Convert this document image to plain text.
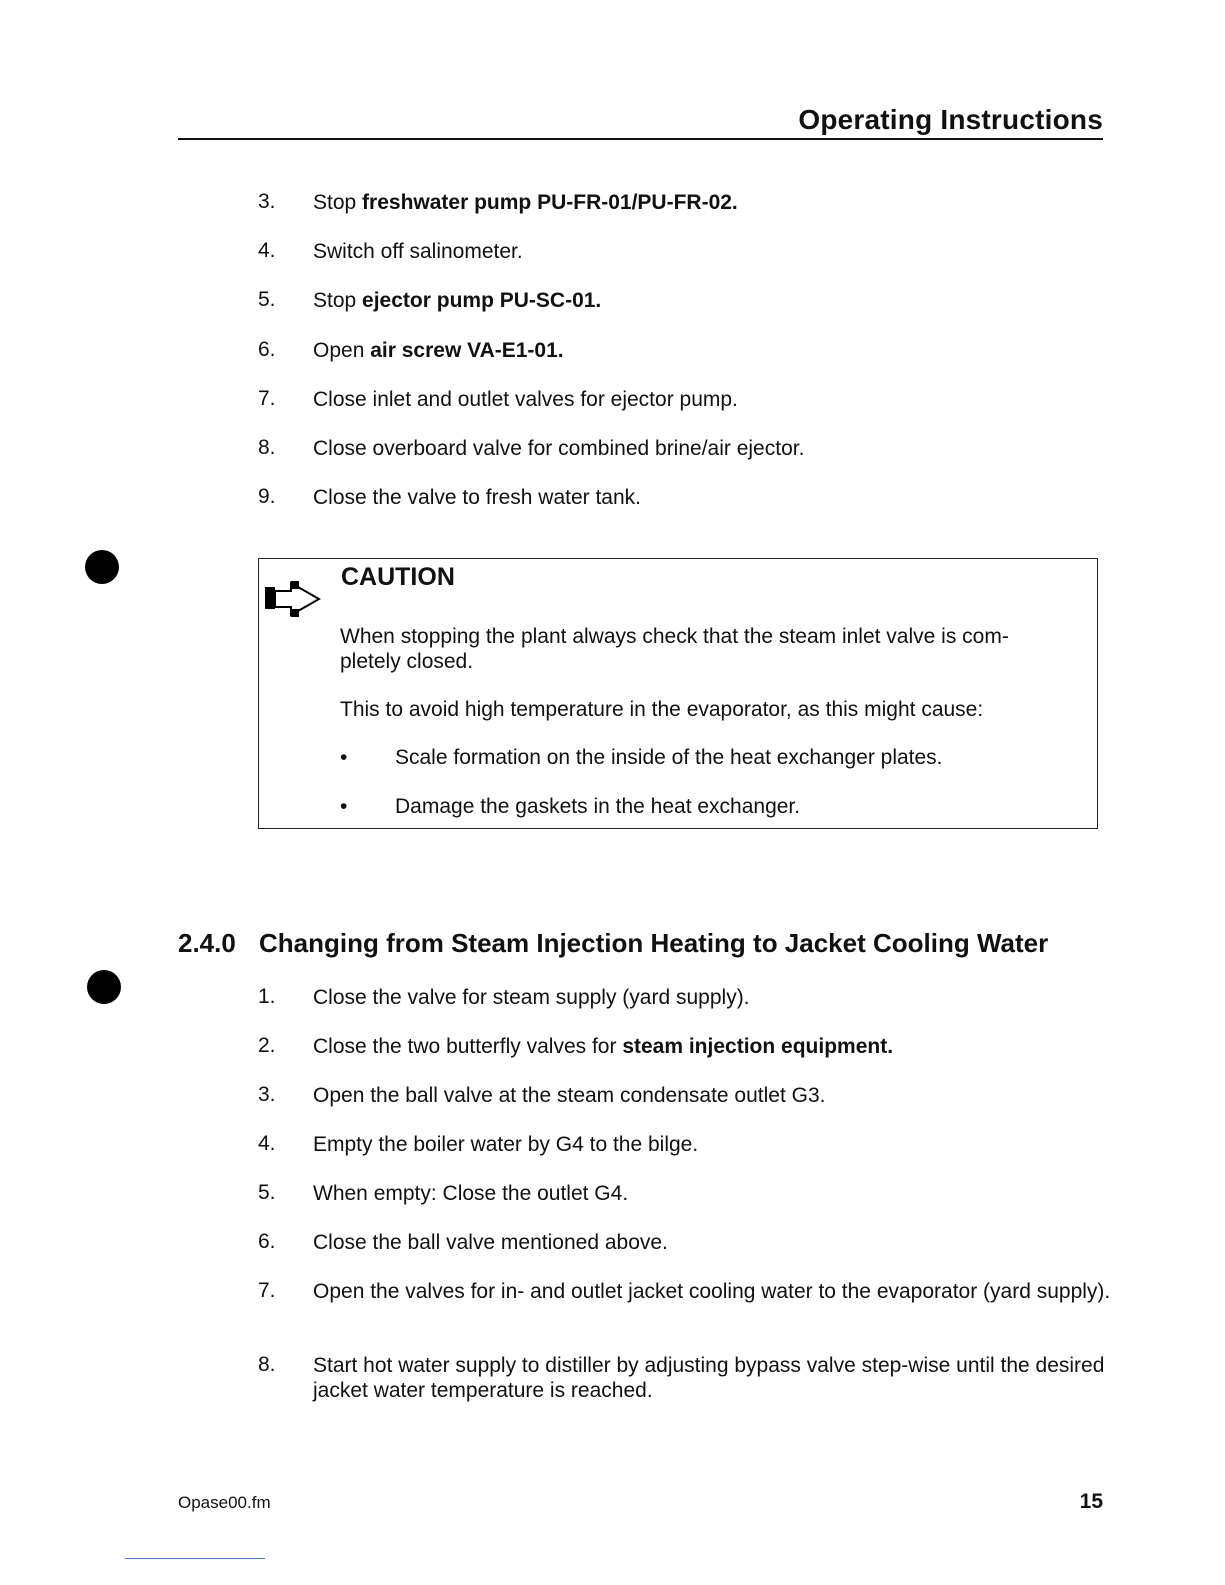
Operating Instructions
3. Stop freshwater pump PU-FR-01/PU-FR-02.
4. Switch off salinometer.
5. Stop ejector pump PU-SC-01.
6. Open air screw VA-E1-01.
7. Close inlet and outlet valves for ejector pump.
8. Close overboard valve for combined brine/air ejector.
9. Close the valve to fresh water tank.
CAUTION
When stopping the plant always check that the steam inlet valve is com-
pletely closed.
This to avoid high temperature in the evaporator, as this might cause:
• Scale formation on the inside of the heat exchanger plates.
• Damage the gaskets in the heat exchanger.
2.4.0 Changing from Steam Injection Heating to Jacket Cooling Water
1. Close the valve for steam supply (yard supply).
2. Close the two butterfly valves for steam injection equipment.
3. Open the ball valve at the steam condensate outlet G3.
4. Empty the boiler water by G4 to the bilge.
5. When empty: Close the outlet G4.
6. Close the ball valve mentioned above.
7. Open the valves for in- and outlet jacket cooling water to the evaporator (yard supply).
8. Start hot water supply to distiller by adjusting bypass valve step-wise until the desired jacket water temperature is reached.
Opase00.fm	15
